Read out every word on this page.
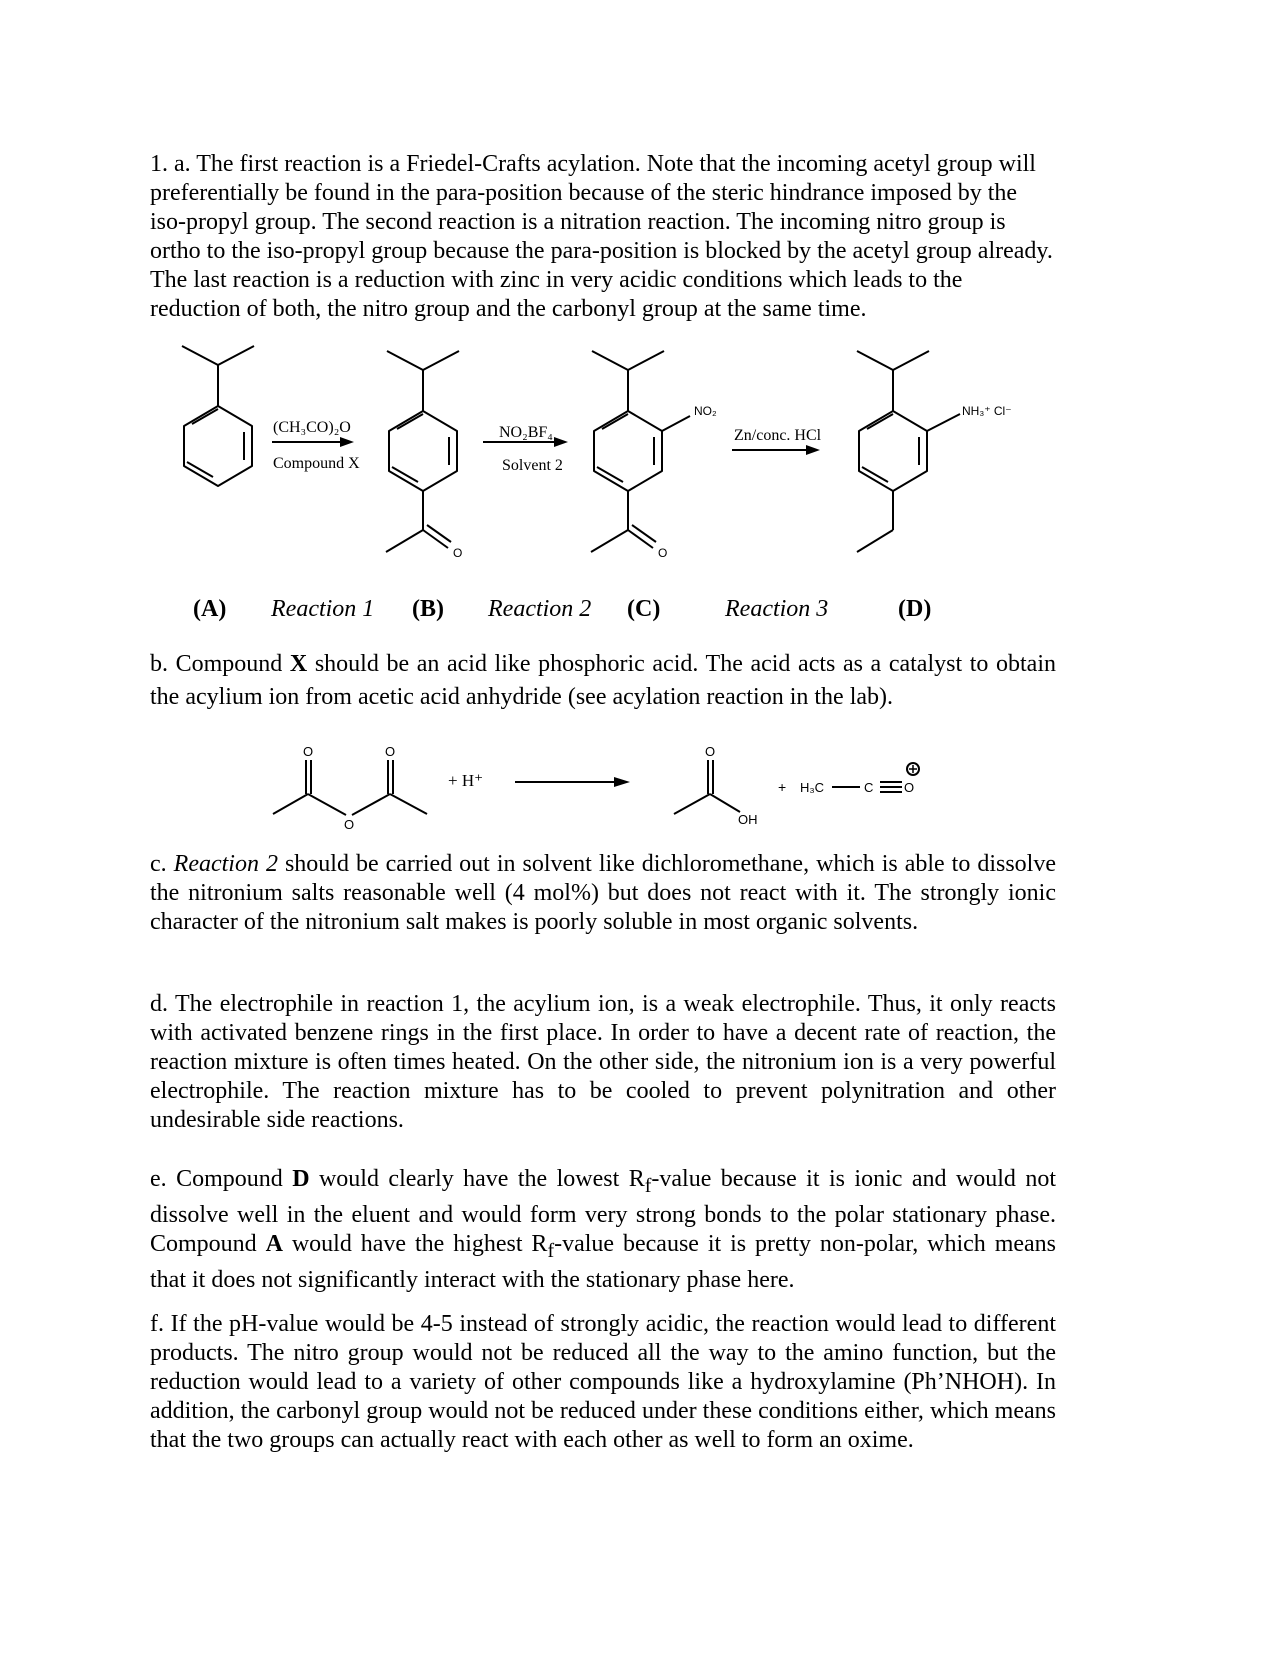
1. a. The first reaction is a Friedel-Crafts acylation. Note that the incoming acetyl group will preferentially be found in the para-position because of the steric hindrance imposed by the iso-propyl group. The second reaction is a nitration reaction. The incoming nitro group is ortho to the iso-propyl group because the para-position is blocked by the acetyl group already. The last reaction is a reduction with zinc in very acidic conditions which leads to the reduction of both, the nitro group and the carbonyl group at the same time.
(CH₃CO)₂O
Compound X
NO₂BF₄
Solvent 2
Zn/conc. HCl
NO₂	NH₃⁺ Cl⁻
O	O
(A) Reaction 1 (B) Reaction 2 (C)	Reaction 3	(D)
b. Compound X should be an acid like phosphoric acid. The acid acts as a catalyst to obtain the acylium ion from acetic acid anhydride (see acylation reaction in the lab).
O
O	O
+ H⁺
O
OH
+ H₃C	C O
c. Reaction 2 should be carried out in solvent like dichloromethane, which is able to dissolve the nitronium salts reasonable well (4 mol%) but does not react with it. The strongly ionic character of the nitronium salt makes is poorly soluble in most organic solvents.
d. The electrophile in reaction 1, the acylium ion, is a weak electrophile. Thus, it only reacts with activated benzene rings in the first place. In order to have a decent rate of reaction, the reaction mixture is often times heated. On the other side, the nitronium ion is a very powerful electrophile. The reaction mixture has to be cooled to prevent polynitration and other undesirable side reactions.
e. Compound D would clearly have the lowest $R_f$-value because it is ionic and would not dissolve well in the eluent and would form very strong bonds to the polar stationary phase. Compound A would have the highest $R_f$-value because it is pretty non-polar, which means that it does not significantly interact with the stationary phase here.
f. If the pH-value would be 4-5 instead of strongly acidic, the reaction would lead to different products. The nitro group would not be reduced all the way to the amino function, but the reduction would lead to a variety of other compounds like a hydroxylamine (Ph’NHOH). In addition, the carbonyl group would not be reduced under these conditions either, which means that the two groups can actually react with each other as well to form an oxime.
